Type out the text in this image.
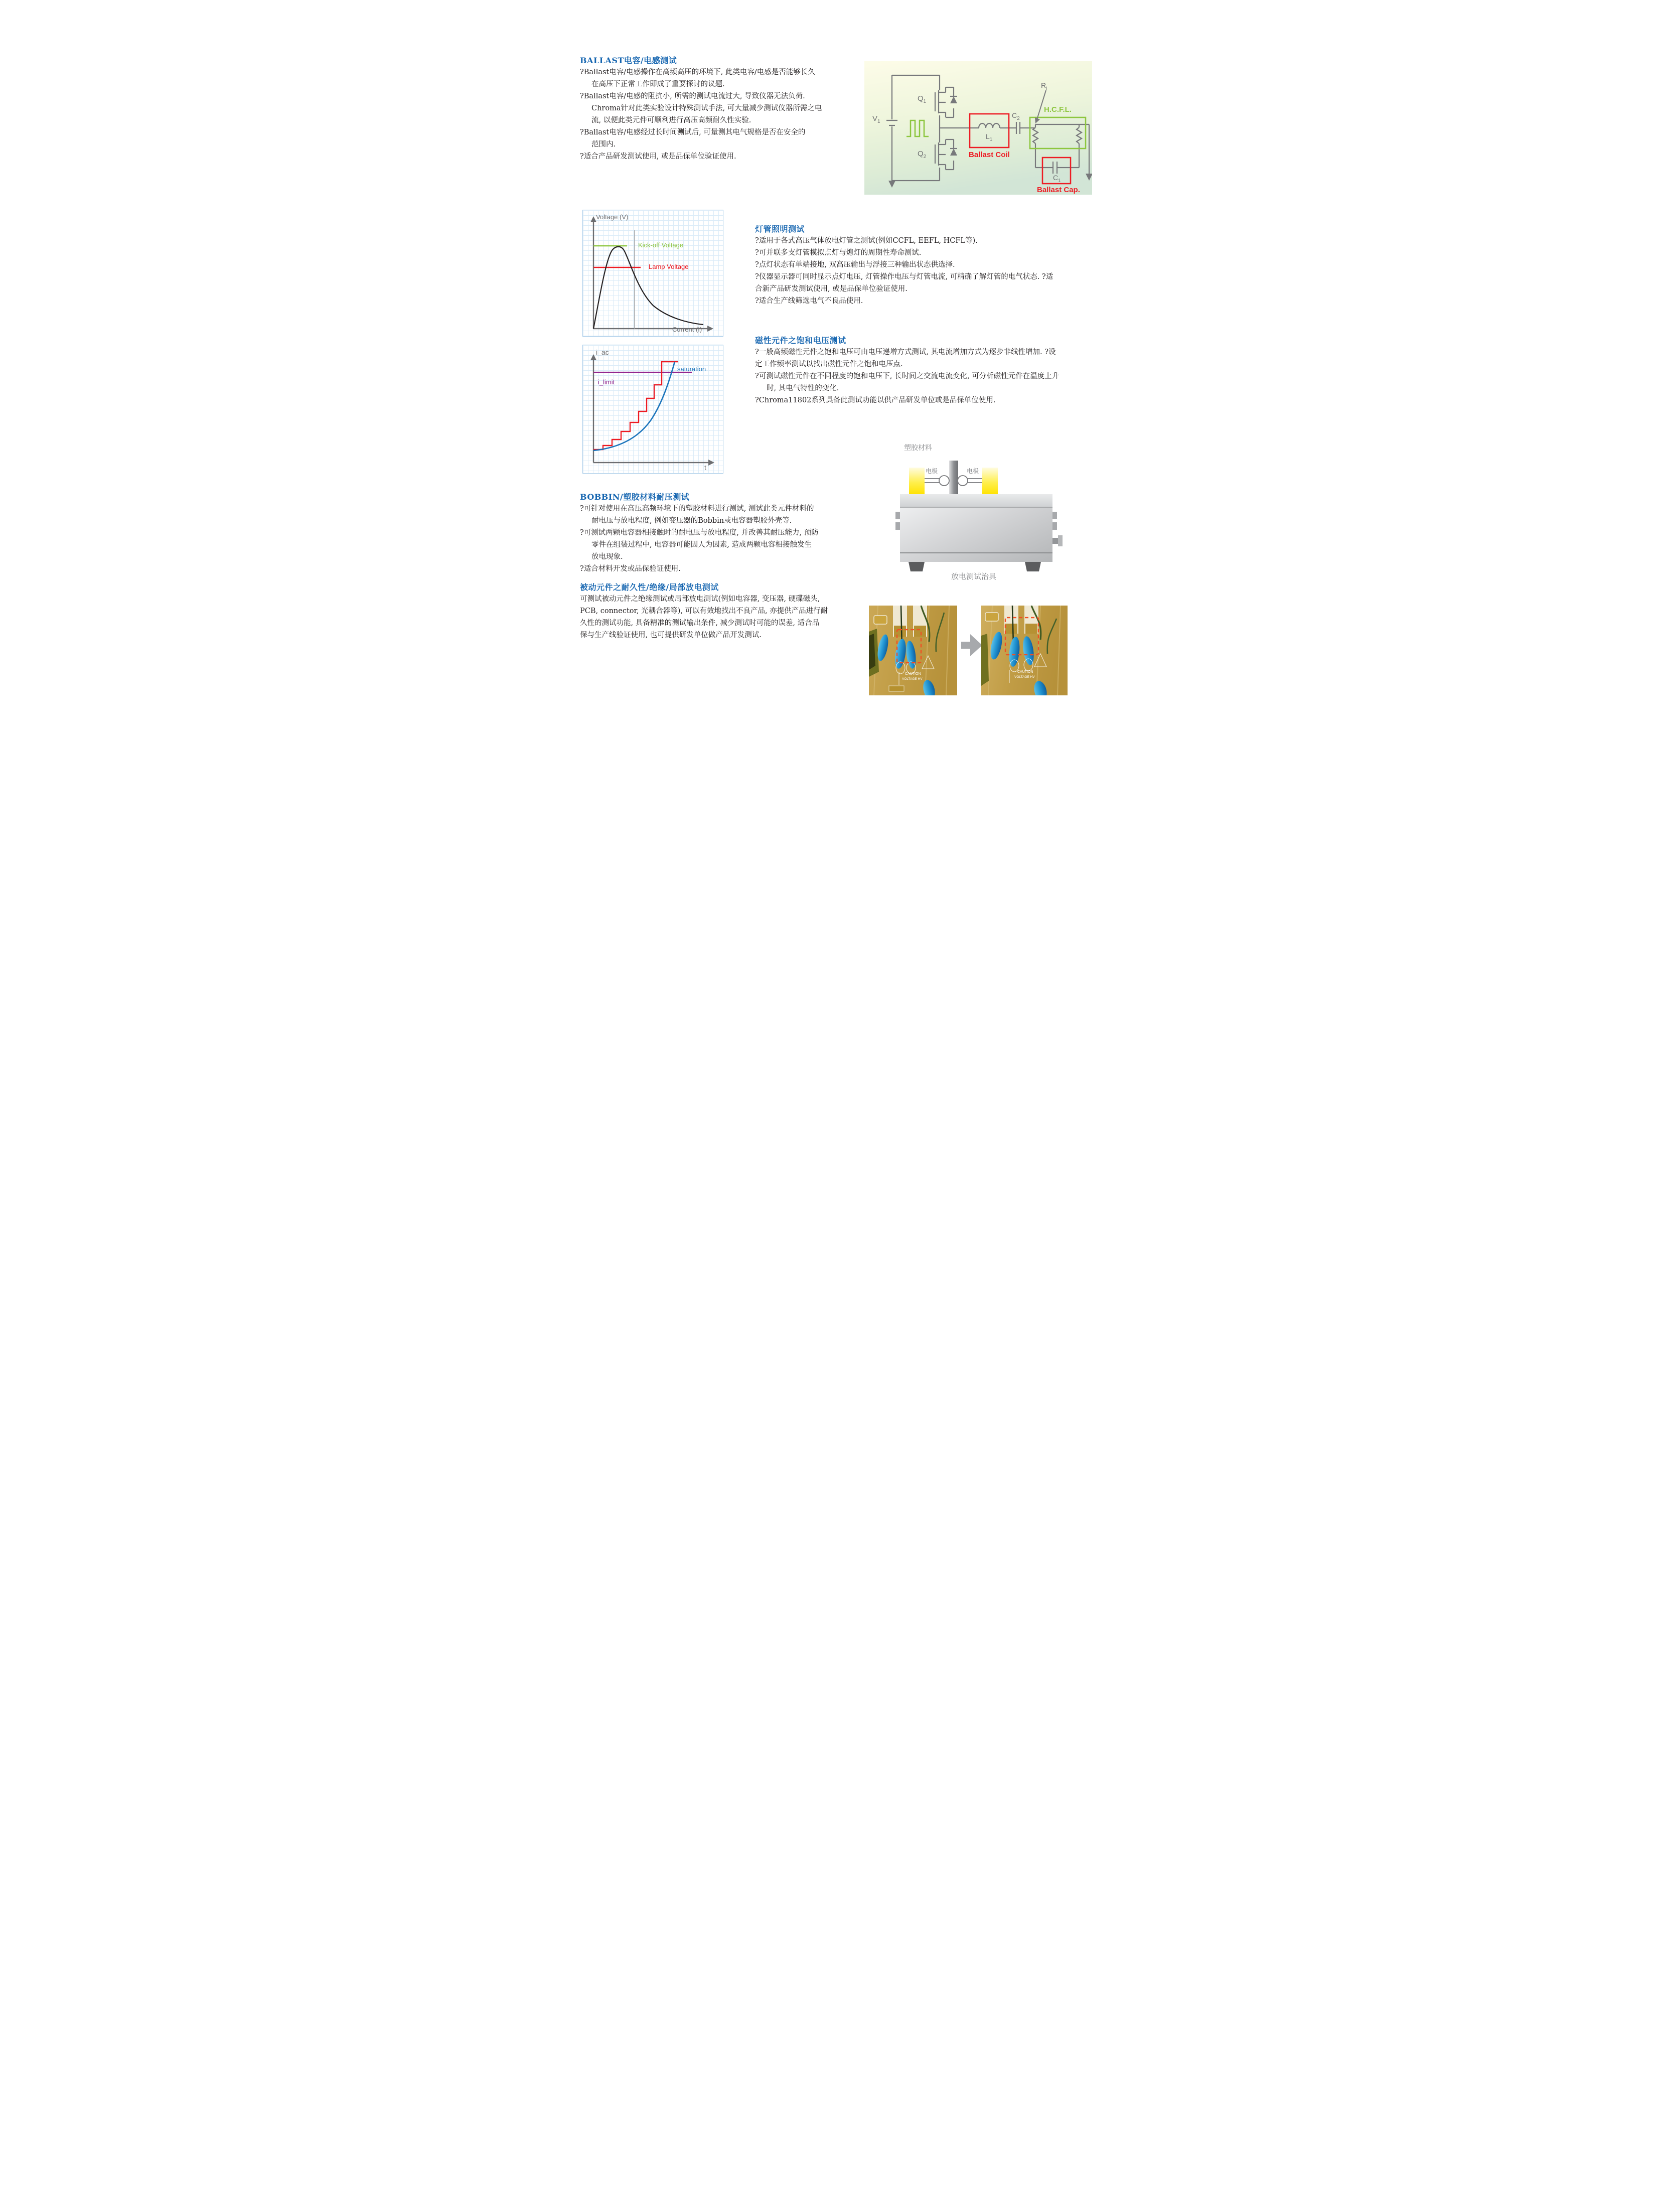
BALLAST电容/电感测试
?Ballast电容/电感操作在高频高压的环境下, 此类电容/电感是否能够长久
在高压下正常工作即成了重要探讨的议题.
?Ballast电容/电感的阻抗小, 所需的测试电流过大, 导致仪器无法负荷.
Chroma针对此类实验设计特殊测试手法, 可大量减少测试仪器所需之电
流, 以便此类元件可顺利进行高压高频耐久性实验.
?Ballast电容/电感经过长时间测试后, 可量测其电气规格是否在安全的
范围内.
?适合产品研发测试使用, 或是品保单位验证使用.
$V_1$
$Q_1$
$Q_2$
$L_1$
$C_2$
$R_i$
$C_1$
H.C.F.L.
Ballast Coil
Ballast Cap.
Voltage (V)
Current (I)
Kick-off Voltage
Lamp Voltage
灯管照明测试
?适用于各式高压气体放电灯管之测试(例如CCFL, EEFL, HCFL等).
?可并联多支灯管模拟点灯与熄灯的周期性寿命测试.
?点灯状态有单端接地, 双高压输出与浮接三种输出状态供选择.
?仪器显示器可同时显示点灯电压, 灯管操作电压与灯管电流, 可精确了解灯管的电气状态. ?适
合新产品研发测试使用, 或是品保单位验证使用.
?适合生产线筛选电气不良品使用.
磁性元件之饱和电压测试
?一般高频磁性元件之饱和电压可由电压递增方式测试, 其电流增加方式为逐步非线性增加. ?设
定工作频率测试以找出磁性元件之饱和电压点.
?可测试磁性元件在不同程度的饱和电压下, 长时间之交流电流变化, 可分析磁性元件在温度上升
时, 其电气特性的变化.
?Chroma11802系列具备此测试功能以供产品研发单位或是品保单位使用.
i_ac
t
i_limit
saturation
BOBBIN/塑胶材料耐压测试
?可针对使用在高压高频环境下的塑胶材料进行测试, 测试此类元件材料的
耐电压与放电程度, 例如变压器的Bobbin或电容器塑胶外壳等.
?可测试两颗电容器相接触时的耐电压与放电程度, 并改善其耐压能力, 预防
零件在组装过程中, 电容器可能因人为因素, 造成两颗电容相接触发生
放电现象.
?适合材料开发或品保验证使用.
被动元件之耐久性/绝缘/局部放电测试
可测试被动元件之绝缘测试或局部放电测试(例如电容器, 变压器, 硬碟磁头,
PCB, connector, 光耦合器等), 可以有效地找出不良产品, 亦提供产品进行耐
久性的测试功能, 具备精准的测试输出条件, 减少测试时可能的误差, 适合品
保与生产线验证使用, 也可提供研发单位做产品开发测试.
塑胶材料
电极	电极
放电测试治具
CAUTION
VOLTAGE HV
CAUTION
VOLTAGE HV
